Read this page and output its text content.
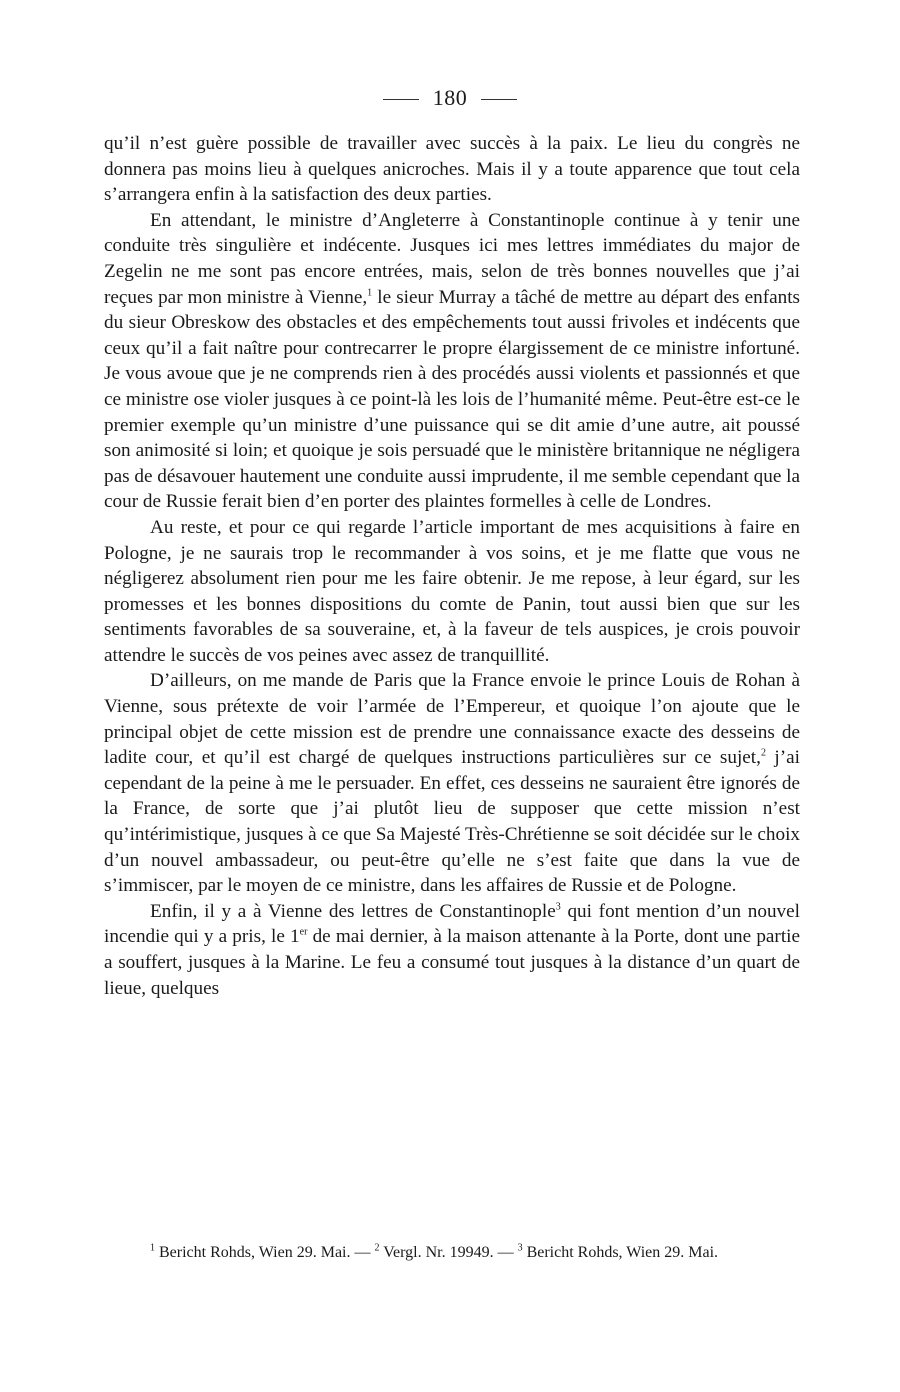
180

qu’il n’est guère possible de travailler avec succès à la paix. Le lieu du congrès ne donnera pas moins lieu à quelques anicroches. Mais il y a toute apparence que tout cela s’arrangera enfin à la satisfaction des deux parties.

En attendant, le ministre d’Angleterre à Constantinople continue à y tenir une conduite très singulière et indécente. Jusques ici mes lettres immédiates du major de Zegelin ne me sont pas encore entrées, mais, selon de très bonnes nouvelles que j’ai reçues par mon ministre à Vienne,$^1$ le sieur Murray a tâché de mettre au départ des enfants du sieur Obreskow des obstacles et des empêchements tout aussi frivoles et indécents que ceux qu’il a fait naître pour contrecarrer le propre élargissement de ce ministre infortuné. Je vous avoue que je ne comprends rien à des procédés aussi violents et passionnés et que ce ministre ose violer jusques à ce point-là les lois de l’humanité même. Peut-être est-ce le premier exemple qu’un ministre d’une puissance qui se dit amie d’une autre, ait poussé son animosité si loin; et quoique je sois persuadé que le ministère britannique ne négligera pas de désavouer hautement une conduite aussi imprudente, il me semble cependant que la cour de Russie ferait bien d’en porter des plaintes formelles à celle de Londres.

Au reste, et pour ce qui regarde l’article important de mes acquisitions à faire en Pologne, je ne saurais trop le recommander à vos soins, et je me flatte que vous ne négligerez absolument rien pour me les faire obtenir. Je me repose, à leur égard, sur les promesses et les bonnes dispositions du comte de Panin, tout aussi bien que sur les sentiments favorables de sa souveraine, et, à la faveur de tels auspices, je crois pouvoir attendre le succès de vos peines avec assez de tranquillité.

D’ailleurs, on me mande de Paris que la France envoie le prince Louis de Rohan à Vienne, sous prétexte de voir l’armée de l’Empereur, et quoique l’on ajoute que le principal objet de cette mission est de prendre une connaissance exacte des desseins de ladite cour, et qu’il est chargé de quelques instructions particulières sur ce sujet,$^2$ j’ai cependant de la peine à me le persuader. En effet, ces desseins ne sauraient être ignorés de la France, de sorte que j’ai plutôt lieu de supposer que cette mission n’est qu’intérimistique, jusques à ce que Sa Majesté Très-Chrétienne se soit décidée sur le choix d’un nouvel ambassadeur, ou peut-être qu’elle ne s’est faite que dans la vue de s’immiscer, par le moyen de ce ministre, dans les affaires de Russie et de Pologne.

Enfin, il y a à Vienne des lettres de Constantinople$^3$ qui font mention d’un nouvel incendie qui y a pris, le 1er de mai dernier, à la maison attenante à la Porte, dont une partie a souffert, jusques à la Marine. Le feu a consumé tout jusques à la distance d’un quart de lieue, quelques

$^1$ Bericht Rohds, Wien 29. Mai. — $^2$ Vergl. Nr. 19949. — $^3$ Bericht Rohds, Wien 29. Mai.
